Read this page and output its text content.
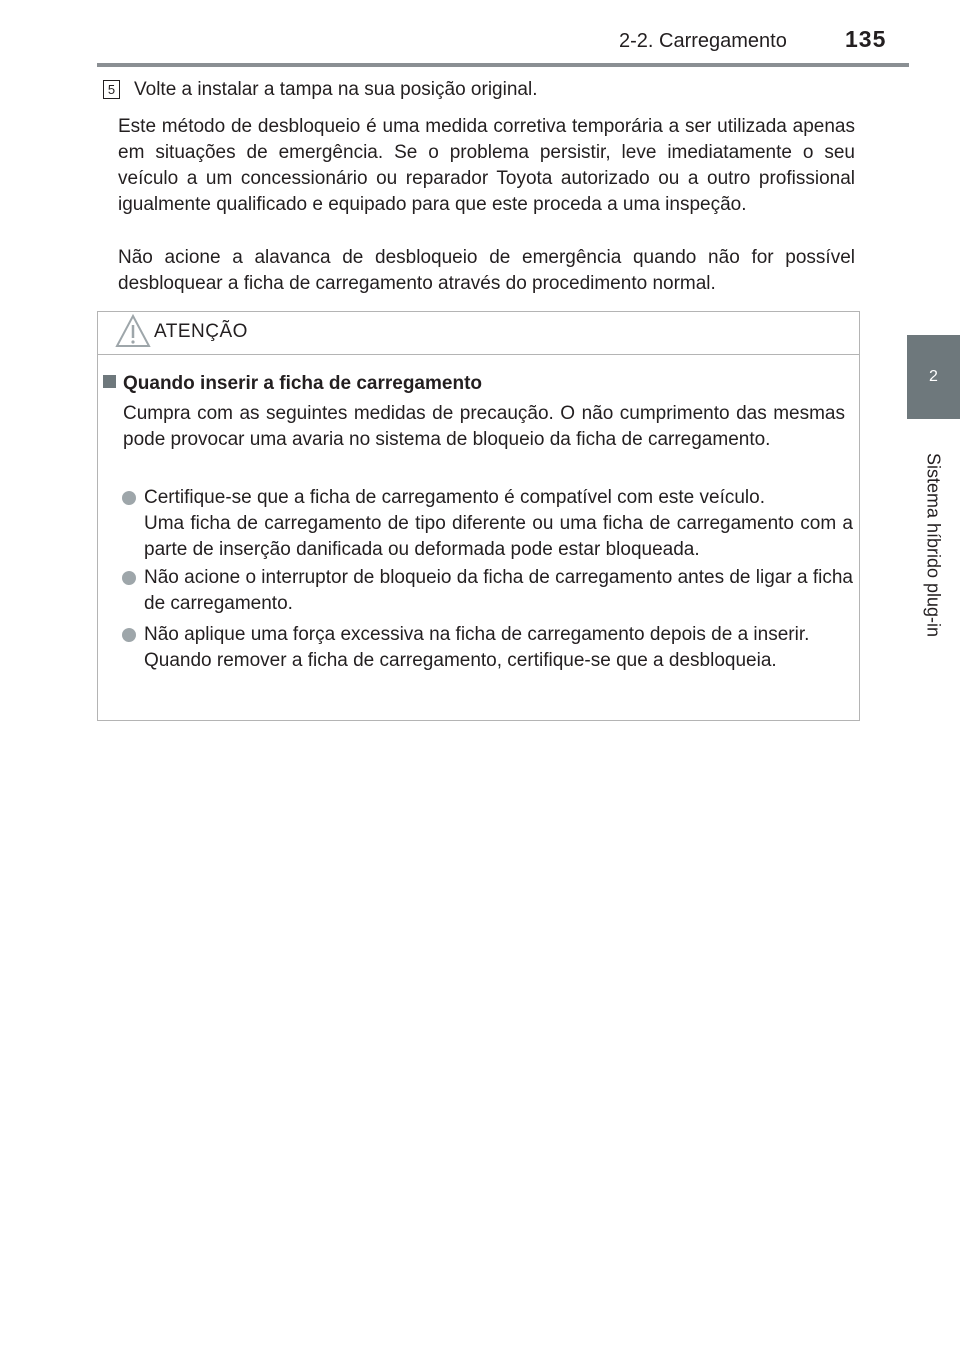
2-2. Carregamento	135
2
Sistema híbrido plug-in
5 Volte a instalar a tampa na sua posição original.

Este método de desbloqueio é uma medida corretiva temporária a ser utilizada apenas em situações de emergência. Se o problema persistir, leve imediatamente o seu veículo a um concessionário ou reparador Toyota autorizado ou a outro profissional igualmente qualificado e equipado para que este proceda a uma inspeção.

Não acione a alavanca de desbloqueio de emergência quando não for possível desbloquear a ficha de carregamento através do procedimento normal.

ATENÇÃO
Quando inserir a ficha de carregamento

Cumpra com as seguintes medidas de precaução. O não cumprimento das mesmas pode provocar uma avaria no sistema de bloqueio da ficha de carregamento.

Certifique-se que a ficha de carregamento é compatível com este veículo.
Uma ficha de carregamento de tipo diferente ou uma ficha de carregamento com a parte de inserção danificada ou deformada pode estar bloqueada.
Não acione o interruptor de bloqueio da ficha de carregamento antes de ligar a ficha de carregamento.
Não aplique uma força excessiva na ficha de carregamento depois de a inserir.
Quando remover a ficha de carregamento, certifique-se que a desbloqueia.
